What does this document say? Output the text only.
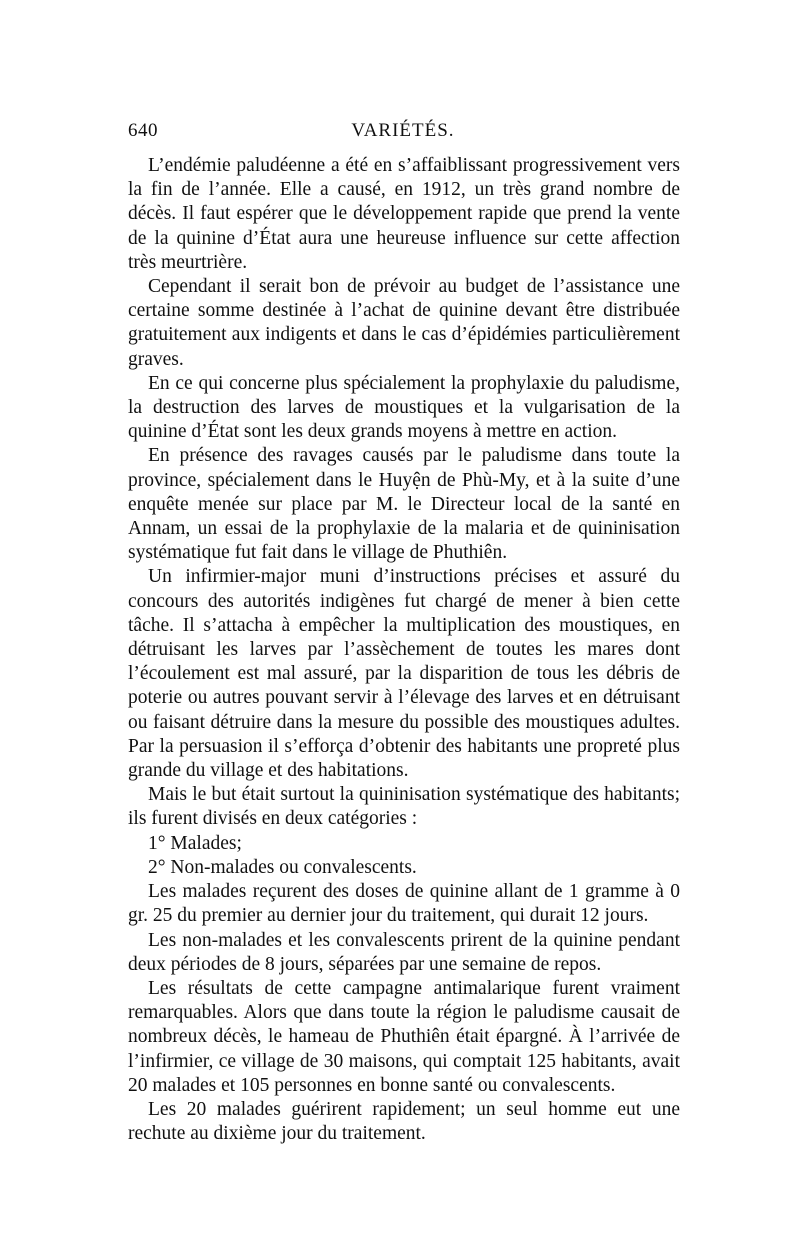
640	VARIÉTÉS.

L’endémie paludéenne a été en s’affaiblissant progressivement vers la fin de l’année. Elle a causé, en 1912, un très grand nombre de décès. Il faut espérer que le développement rapide que prend la vente de la quinine d’État aura une heureuse influence sur cette affection très meurtrière.

Cependant il serait bon de prévoir au budget de l’assistance une certaine somme destinée à l’achat de quinine devant être distribuée gratuitement aux indigents et dans le cas d’épidémies particulièrement graves.

En ce qui concerne plus spécialement la prophylaxie du paludisme, la destruction des larves de moustiques et la vulgarisation de la quinine d’État sont les deux grands moyens à mettre en action.

En présence des ravages causés par le paludisme dans toute la province, spécialement dans le Huyện de Phù-My, et à la suite d’une enquête menée sur place par M. le Directeur local de la santé en Annam, un essai de la prophylaxie de la malaria et de quininisation systématique fut fait dans le village de Phuthiên.

Un infirmier-major muni d’instructions précises et assuré du concours des autorités indigènes fut chargé de mener à bien cette tâche. Il s’attacha à empêcher la multiplication des moustiques, en détruisant les larves par l’assèchement de toutes les mares dont l’écoulement est mal assuré, par la disparition de tous les débris de poterie ou autres pouvant servir à l’élevage des larves et en détruisant ou faisant détruire dans la mesure du possible des moustiques adultes. Par la persuasion il s’efforça d’obtenir des habitants une propreté plus grande du village et des habitations.

Mais le but était surtout la quininisation systématique des habitants; ils furent divisés en deux catégories :

1° Malades;

2° Non-malades ou convalescents.

Les malades reçurent des doses de quinine allant de 1 gramme à 0 gr. 25 du premier au dernier jour du traitement, qui durait 12 jours.

Les non-malades et les convalescents prirent de la quinine pendant deux périodes de 8 jours, séparées par une semaine de repos.

Les résultats de cette campagne antimalarique furent vraiment remarquables. Alors que dans toute la région le paludisme causait de nombreux décès, le hameau de Phuthiên était épargné. À l’arrivée de l’infirmier, ce village de 30 maisons, qui comptait 125 habitants, avait 20 malades et 105 personnes en bonne santé ou convalescents.

Les 20 malades guérirent rapidement; un seul homme eut une rechute au dixième jour du traitement.
